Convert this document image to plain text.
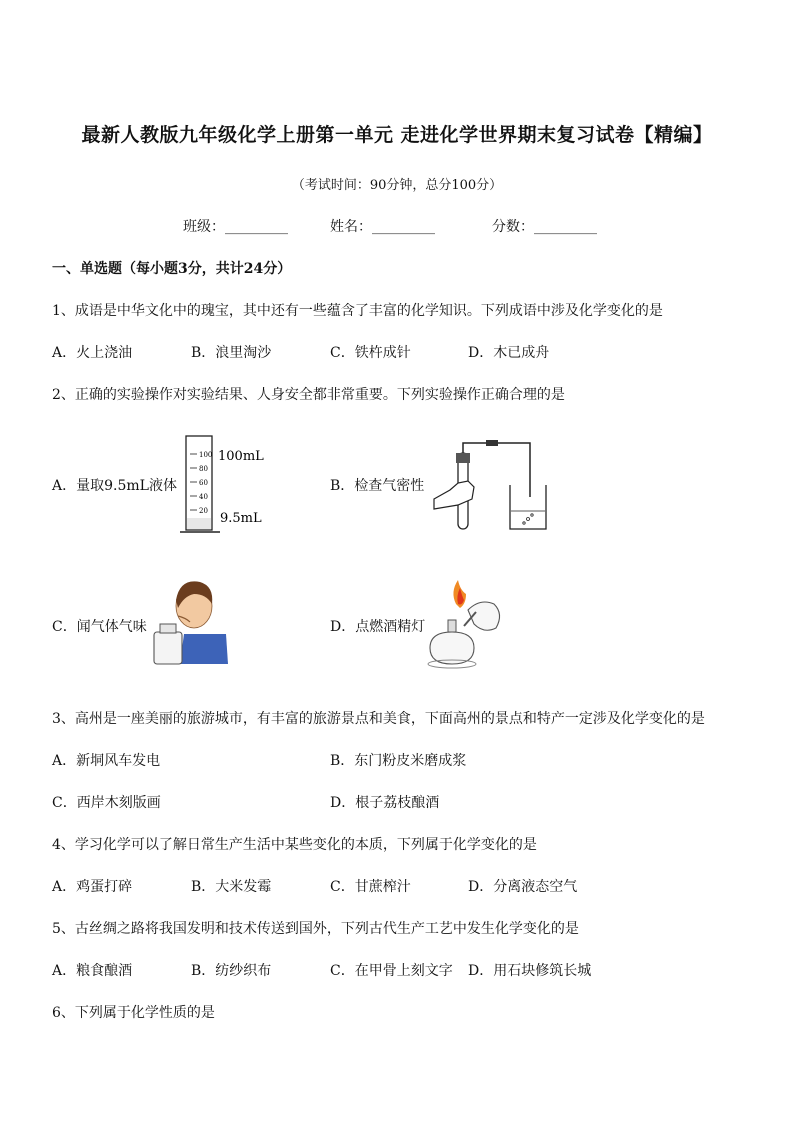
最新人教版九年级化学上册第一单元 走进化学世界期末复习试卷【精编】
（考试时间：90分钟，总分100分）
班级：_________	姓名：_________	分数：_________
一、单选题（每小题3分，共计24分）
1、成语是中华文化中的瑰宝，其中还有一些蕴含了丰富的化学知识。下列成语中涉及化学变化的是
A．火上浇油	B．浪里淘沙	C．铁杵成针	D．木已成舟
2、正确的实验操作对实验结果、人身安全都非常重要。下列实验操作正确合理的是
A．量取9.5mL液体
100
80
60
40
20
100mL
9.5mL
B．检查气密性
C．闻气体气味	D．点燃酒精灯
3、高州是一座美丽的旅游城市，有丰富的旅游景点和美食，下面高州的景点和特产一定涉及化学变化的是
A．新垌风车发电	B．东门粉皮米磨成浆
C．西岸木刻版画	D．根子荔枝酿酒
4、学习化学可以了解日常生产生活中某些变化的本质，下列属于化学变化的是
A．鸡蛋打碎	B．大米发霉	C．甘蔗榨汁	D．分离液态空气
5、古丝绸之路将我国发明和技术传送到国外，下列古代生产工艺中发生化学变化的是
A．粮食酿酒	B．纺纱织布	C．在甲骨上刻文字 D．用石块修筑长城
6、下列属于化学性质的是
